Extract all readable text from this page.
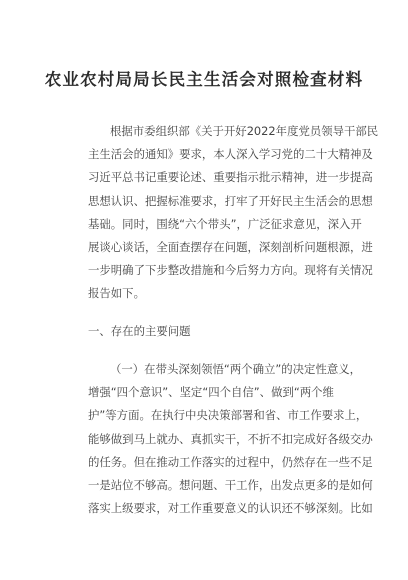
农业农村局局长民主生活会对照检查材料
根据市委组织部《关于开好2022年度党员领导干部民
主生活会的通知》要求，本人深入学习党的二十大精神及
习近平总书记重要论述、重要指示批示精神，进一步提高
思想认识、把握标准要求，打牢了开好民主生活会的思想
基础。同时，围绕“六个带头”，广泛征求意见，深入开
展谈心谈话，全面查摆存在问题，深刻剖析问题根源，进
一步明确了下步整改措施和今后努力方向。现将有关情况
报告如下。
一、存在的主要问题
（一）在带头深刻领悟“两个确立”的决定性意义，
增强“四个意识”、坚定“四个自信”、做到“两个维
护”等方面。在执行中央决策部署和省、市工作要求上，
能够做到马上就办、真抓实干，不折不扣完成好各级交办
的任务。但在推动工作落实的过程中，仍然存在一些不足
一是站位不够高。想问题、干工作，出发点更多的是如何
落实上级要求，对工作重要意义的认识还不够深刻。比如
